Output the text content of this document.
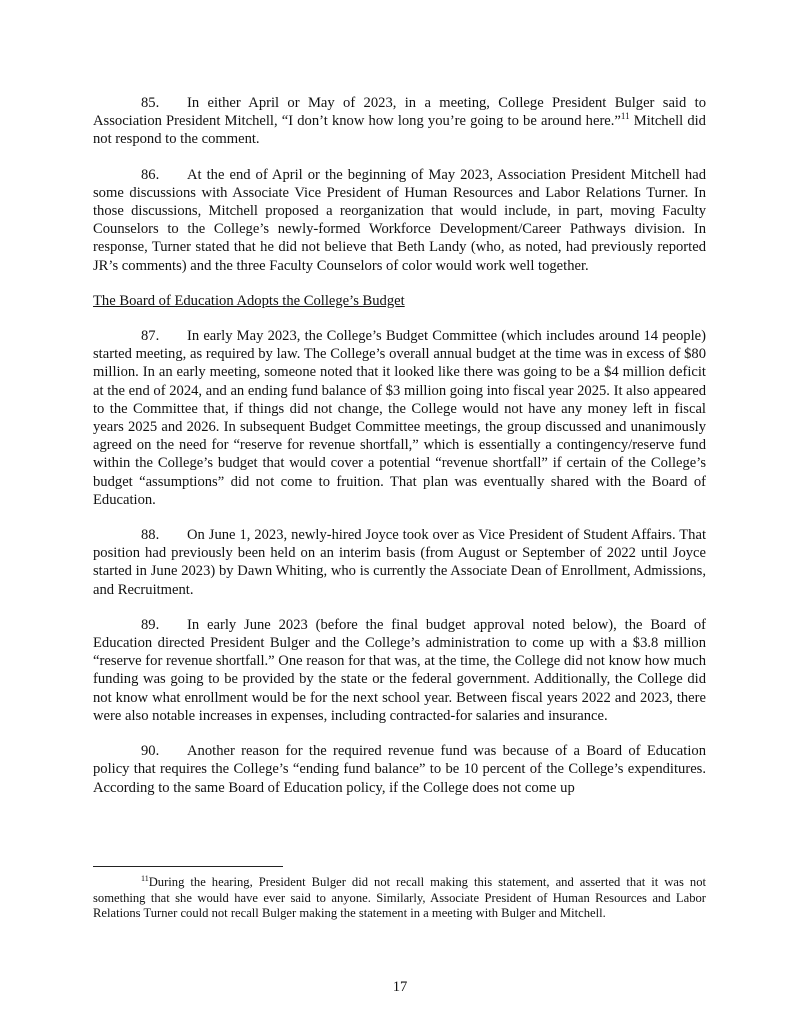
85. In either April or May of 2023, in a meeting, College President Bulger said to Association President Mitchell, “I don’t know how long you’re going to be around here.”$^{11}$ Mitchell did not respond to the comment.

86. At the end of April or the beginning of May 2023, Association President Mitchell had some discussions with Associate Vice President of Human Resources and Labor Relations Turner. In those discussions, Mitchell proposed a reorganization that would include, in part, moving Faculty Counselors to the College’s newly-formed Workforce Development/Career Pathways division. In response, Turner stated that he did not believe that Beth Landy (who, as noted, had previously reported JR’s comments) and the three Faculty Counselors of color would work well together.

The Board of Education Adopts the College’s Budget

87. In early May 2023, the College’s Budget Committee (which includes around 14 people) started meeting, as required by law. The College’s overall annual budget at the time was in excess of $80 million. In an early meeting, someone noted that it looked like there was going to be a $4 million deficit at the end of 2024, and an ending fund balance of $3 million going into fiscal year 2025. It also appeared to the Committee that, if things did not change, the College would not have any money left in fiscal years 2025 and 2026. In subsequent Budget Committee meetings, the group discussed and unanimously agreed on the need for “reserve for revenue shortfall,” which is essentially a contingency/reserve fund within the College’s budget that would cover a potential “revenue shortfall” if certain of the College’s budget “assumptions” did not come to fruition. That plan was eventually shared with the Board of Education.

88. On June 1, 2023, newly-hired Joyce took over as Vice President of Student Affairs. That position had previously been held on an interim basis (from August or September of 2022 until Joyce started in June 2023) by Dawn Whiting, who is currently the Associate Dean of Enrollment, Admissions, and Recruitment.

89. In early June 2023 (before the final budget approval noted below), the Board of Education directed President Bulger and the College’s administration to come up with a $3.8 million “reserve for revenue shortfall.” One reason for that was, at the time, the College did not know how much funding was going to be provided by the state or the federal government. Additionally, the College did not know what enrollment would be for the next school year. Between fiscal years 2022 and 2023, there were also notable increases in expenses, including contracted-for salaries and insurance.

90. Another reason for the required revenue fund was because of a Board of Education policy that requires the College’s “ending fund balance” to be 10 percent of the College’s expenditures. According to the same Board of Education policy, if the College does not come up

$^{11}$During the hearing, President Bulger did not recall making this statement, and asserted that it was not something that she would have ever said to anyone. Similarly, Associate President of Human Resources and Labor Relations Turner could not recall Bulger making the statement in a meeting with Bulger and Mitchell.

17
